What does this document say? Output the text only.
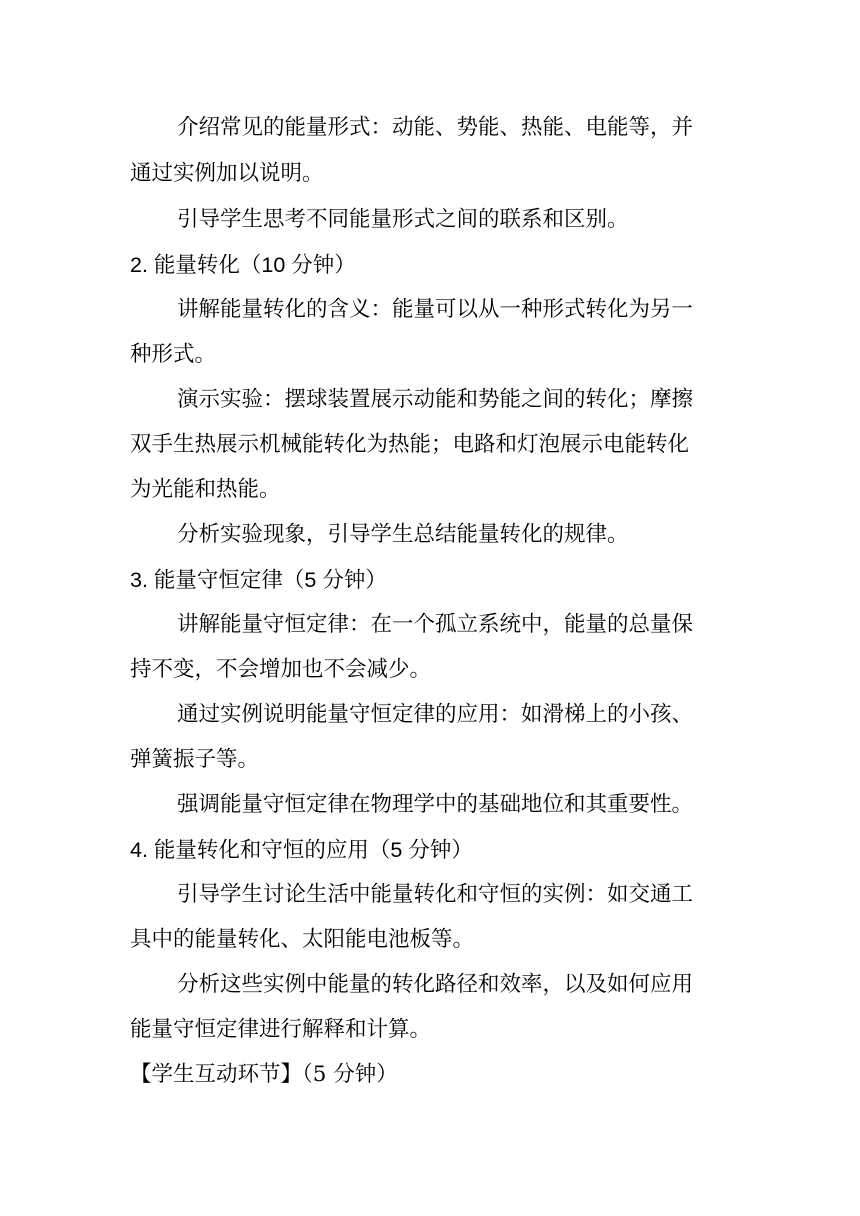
介绍常见的能量形式：动能、势能、热能、电能等，并
通过实例加以说明。
引导学生思考不同能量形式之间的联系和区别。
2. 能量转化（10 分钟）
讲解能量转化的含义：能量可以从一种形式转化为另一
种形式。
演示实验：摆球装置展示动能和势能之间的转化；摩擦
双手生热展示机械能转化为热能；电路和灯泡展示电能转化
为光能和热能。
分析实验现象，引导学生总结能量转化的规律。
3. 能量守恒定律（5 分钟）
讲解能量守恒定律：在一个孤立系统中，能量的总量保
持不变，不会增加也不会减少。
通过实例说明能量守恒定律的应用：如滑梯上的小孩、
弹簧振子等。
强调能量守恒定律在物理学中的基础地位和其重要性。
4. 能量转化和守恒的应用（5 分钟）
引导学生讨论生活中能量转化和守恒的实例：如交通工
具中的能量转化、太阳能电池板等。
分析这些实例中能量的转化路径和效率，以及如何应用
能量守恒定律进行解释和计算。
【学生互动环节】（5 分钟）
